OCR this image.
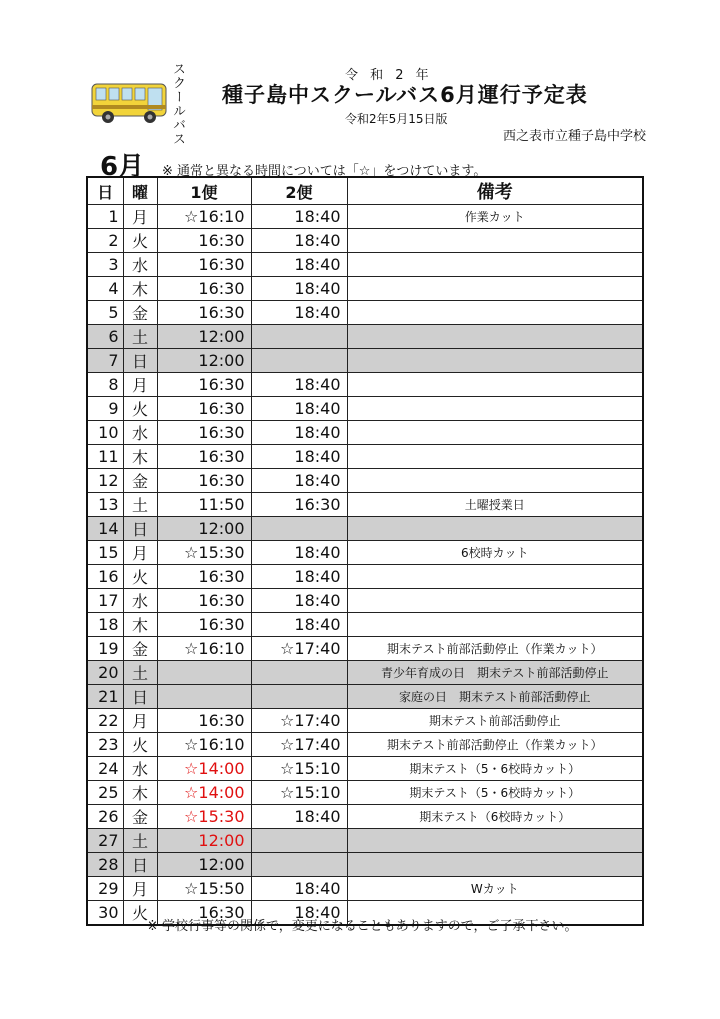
スクールバス	令 和 2 年
種子島中スクールバス6月運行予定表
令和2年5月15日版
西之表市立種子島中学校
6月 ※ 通常と異なる時間については「☆」をつけています。
日	曜	1便	2便	備考
1	月	☆16:10	18:40	作業カット
2	火	16:30	18:40	
3	水	16:30	18:40	
4	木	16:30	18:40	
5	金	16:30	18:40	
6	土	12:00		
7	日	12:00		
8	月	16:30	18:40	
9	火	16:30	18:40	
10	水	16:30	18:40	
11	木	16:30	18:40	
12	金	16:30	18:40	
13	土	11:50	16:30	土曜授業日
14	日	12:00		
15	月	☆15:30	18:40	6校時カット
16	火	16:30	18:40	
17	水	16:30	18:40	
18	木	16:30	18:40	
19	金	☆16:10	☆17:40	期末テスト前部活動停止（作業カット）
20	土			青少年育成の日　期末テスト前部活動停止
21	日			家庭の日　期末テスト前部活動停止
22	月	16:30	☆17:40	期末テスト前部活動停止
23	火	☆16:10	☆17:40	期末テスト前部活動停止（作業カット）
24	水	☆14:00	☆15:10	期末テスト（5・6校時カット）
25	木	☆14:00	☆15:10	期末テスト（5・6校時カット）
26	金	☆15:30	18:40	期末テスト（6校時カット）
27	土	12:00		
28	日	12:00		
29	月	☆15:50	18:40	Wカット
30	火	16:30	18:40	
※ 学校行事等の関係で，変更になることもありますので，ご了承下さい。
